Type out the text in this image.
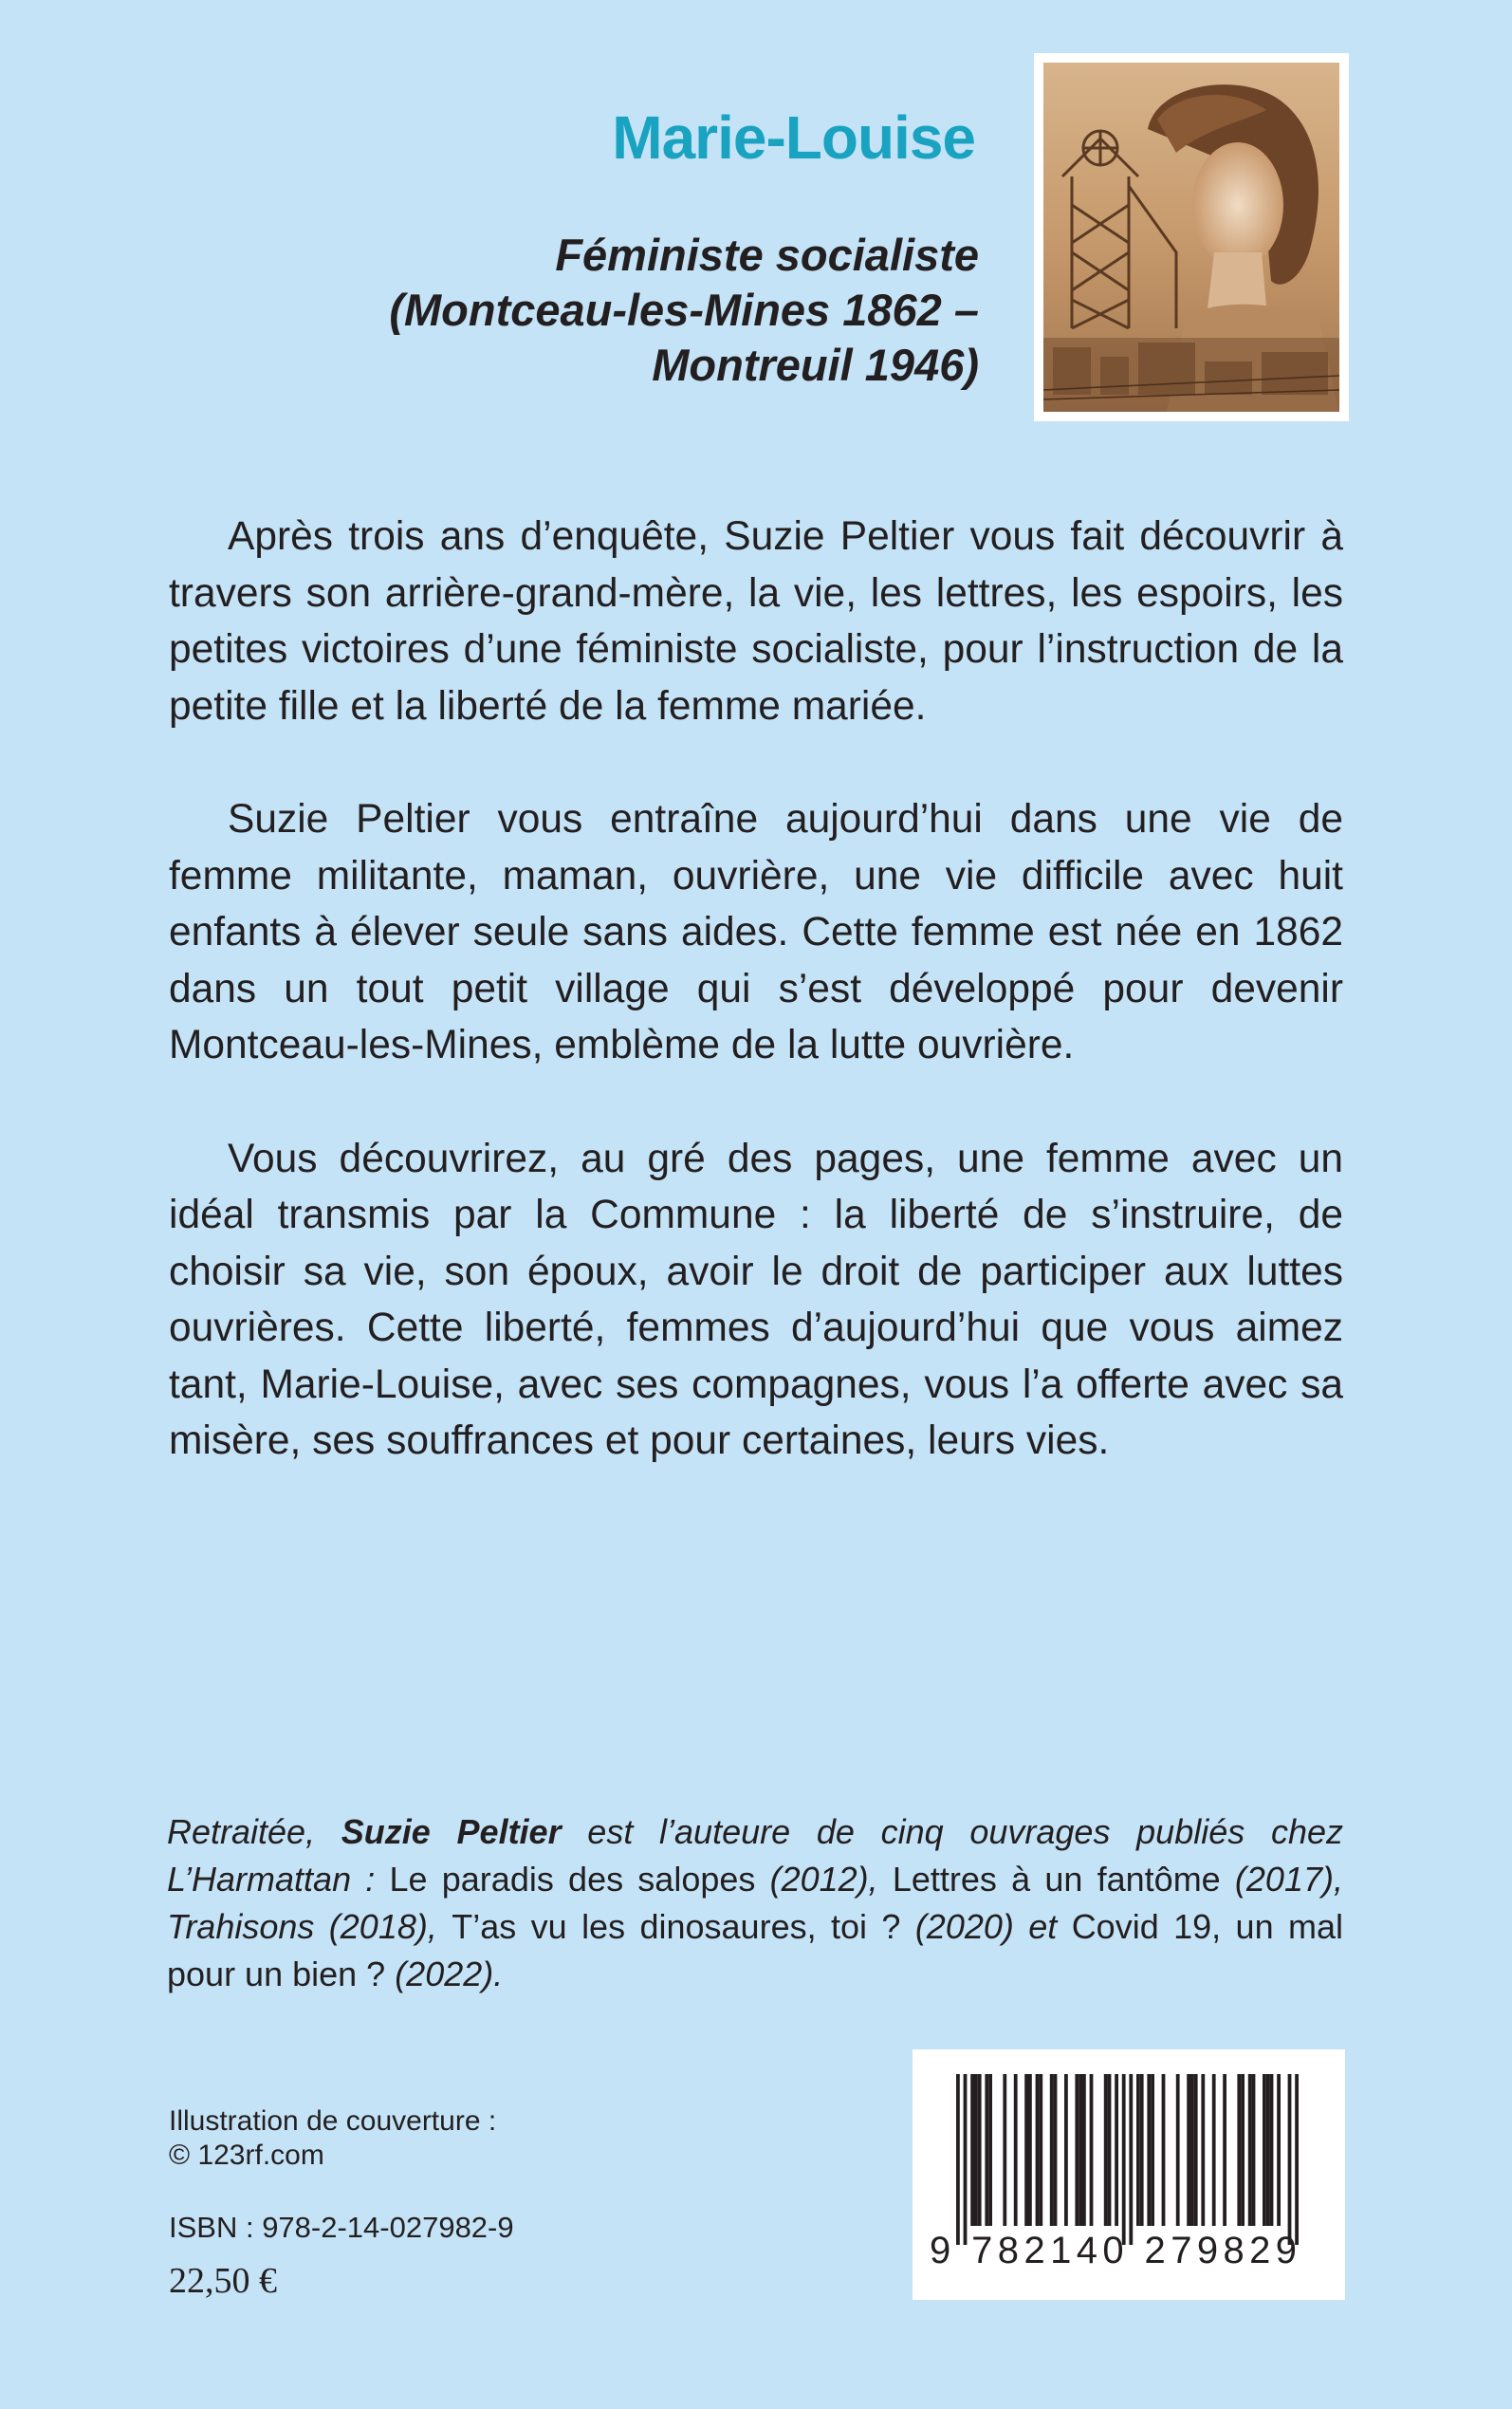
Marie-Louise
Féministe socialiste
(Montceau-les-Mines 1862 –
Montreuil 1946)

Après trois ans d’enquête, Suzie Peltier vous fait découvrir à travers son arrière-grand-mère, la vie, les lettres, les espoirs, les petites victoires d’une féministe socialiste, pour l’instruction de la petite fille et la liberté de la femme mariée.

Suzie Peltier vous entraîne aujourd’hui dans une vie de femme militante, maman, ouvrière, une vie difficile avec huit enfants à élever seule sans aides. Cette femme est née en 1862 dans un tout petit village qui s’est développé pour devenir Montceau-les-Mines, emblème de la lutte ouvrière.

Vous découvrirez, au gré des pages, une femme avec un idéal transmis par la Commune : la liberté de s’instruire, de choisir sa vie, son époux, avoir le droit de participer aux luttes ouvrières. Cette liberté, femmes d’aujourd’hui que vous aimez tant, Marie-Louise, avec ses compagnes, vous l’a offerte avec sa misère, ses souffrances et pour certaines, leurs vies.

Retraitée, Suzie Peltier est l’auteure de cinq ouvrages publiés chez L’Harmattan : Le paradis des salopes (2012), Lettres à un fantôme (2017), Trahisons (2018), T’as vu les dinosaures, toi ? (2020) et Covid 19, un mal pour un bien ? (2022).

Illustration de couverture :
© 123rf.com
ISBN : 978-2-14-027982-9
22,50 €
9 782140 279829
